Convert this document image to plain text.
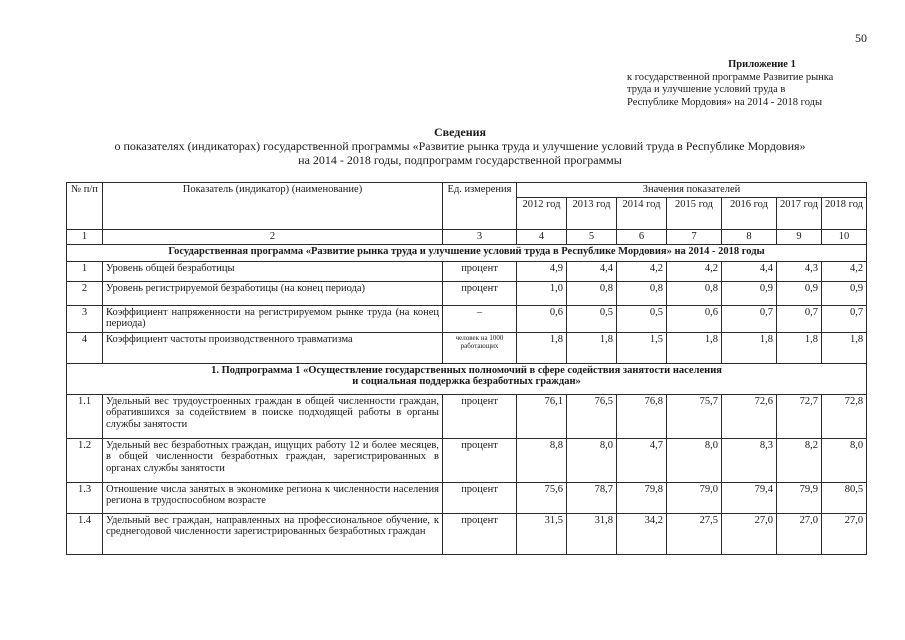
50
Приложение 1
к государственной программе Развитие рынка
труда и улучшение условий труда в
Республике Мордовия» на 2014 - 2018 годы
Сведения
о показателях (индикаторах) государственной программы «Развитие рынка труда и улучшение условий труда в Республике Мордовия»
на 2014 - 2018 годы, подпрограмм государственной программы
№ п/п	Показатель (индикатор) (наименование)	Ед. измерения	Значения показателей						
			2012 год	2013 год	2014 год	2015 год	2016 год	2017 год	2018 год
1	2	3	4	5	6	7	8	9	10
Государственная программа «Развитие рынка труда и улучшение условий труда в Республике Мордовия» на 2014 - 2018 годы									
1	Уровень общей безработицы	процент	4,9	4,4	4,2	4,2	4,4	4,3	4,2
2	Уровень регистрируемой безработицы (на конец периода)	процент	1,0	0,8	0,8	0,8	0,9	0,9	0,9
3	Коэффициент напряженности на регистрируемом рынке труда (на конец периода)	–	0,6	0,5	0,5	0,6	0,7	0,7	0,7
4	Коэффициент частоты производственного травматизма	человек на 1000 работающих	1,8	1,8	1,5	1,8	1,8	1,8	1,8

1. Подпрограмма 1 «Осуществление государственных полномочий в сфере содействия занятости населения
и социальная поддержка безработных граждан»									

1.1	Удельный вес трудоустроенных граждан в общей численности граждан, обратившихся за содействием в поиске подходящей работы в органы службы занятости	процент	76,1	76,5	76,8	75,7	72,6	72,7	72,8
1.2	Удельный вес безработных граждан, ищущих работу 12 и более месяцев, в общей численности безработных граждан, зарегистрированных в органах службы занятости	процент	8,8	8,0	4,7	8,0	8,3	8,2	8,0
1.3	Отношение числа занятых в экономике региона к численности населения региона в трудоспособном возрасте	процент	75,6	78,7	79,8	79,0	79,4	79,9	80,5
1.4	Удельный вес граждан, направленных на профессиональное обучение, к среднегодовой численности зарегистрированных безработных граждан	процент	31,5	31,8	34,2	27,5	27,0	27,0	27,0
